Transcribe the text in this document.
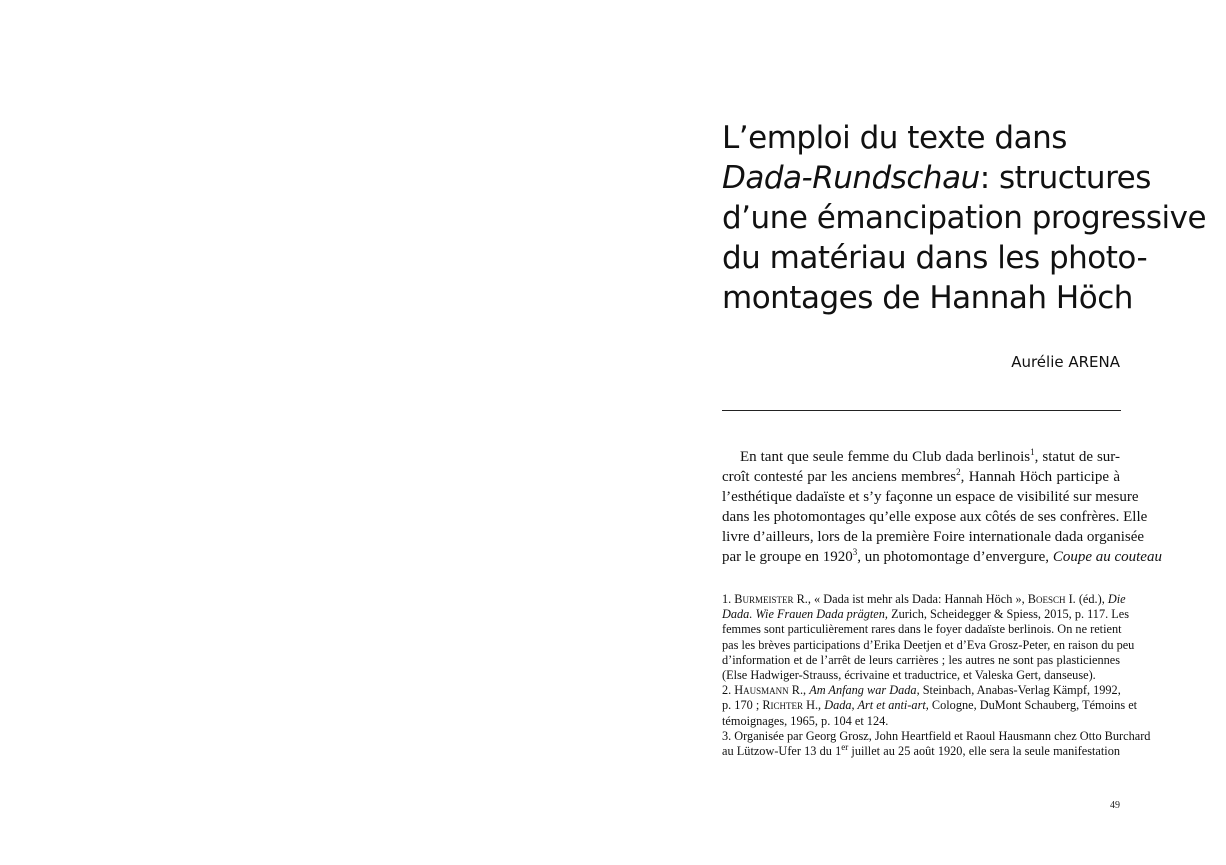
L’emploi du texte dans
Dada-Rundschau: structures
d’une émancipation progressive
du matériau dans les photo-
montages de Hannah Höch
Aurélie ARENA
En tant que seule femme du Club dada berlinois$^1$, statut de sur-
croît contesté par les anciens membres$^2$, Hannah Höch participe à
l’esthétique dadaïste et s’y façonne un espace de visibilité sur mesure
dans les photomontages qu’elle expose aux côtés de ses confrères. Elle
livre d’ailleurs, lors de la première Foire internationale dada organisée
par le groupe en 1920$^3$, un photomontage d’envergure, Coupe au couteau
1. Burmeister R., « Dada ist mehr als Dada: Hannah Höch », Boesch I. (éd.), Die
Dada. Wie Frauen Dada prägten, Zurich, Scheidegger & Spiess, 2015, p. 117. Les
femmes sont particulièrement rares dans le foyer dadaïste berlinois. On ne retient
pas les brèves participations d’Erika Deetjen et d’Eva Grosz-Peter, en raison du peu
d’information et de l’arrêt de leurs carrières ; les autres ne sont pas plasticiennes
(Else Hadwiger-Strauss, écrivaine et traductrice, et Valeska Gert, danseuse).
2. Hausmann R., Am Anfang war Dada, Steinbach, Anabas-Verlag Kämpf, 1992,
p. 170 ; Richter H., Dada, Art et anti-art, Cologne, DuMont Schauberg, Témoins et
témoignages, 1965, p. 104 et 124.
3. Organisée par Georg Grosz, John Heartfield et Raoul Hausmann chez Otto Burchard
au Lützow-Ufer 13 du 1er juillet au 25 août 1920, elle sera la seule manifestation
49
